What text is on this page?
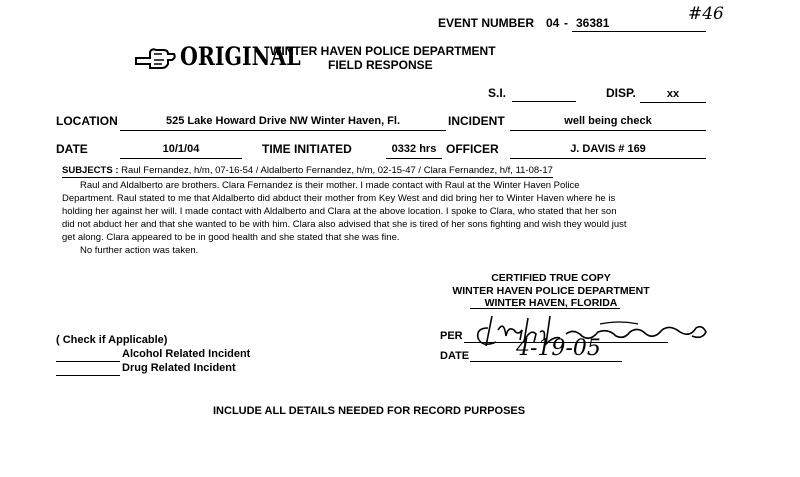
#46
EVENT NUMBER 04 - 36381
ORIGINAL
WINTER HAVEN POLICE DEPARTMENT
FIELD RESPONSE
S.I.	DISP.	xx
LOCATION	525 Lake Howard Drive NW Winter Haven, Fl.	INCIDENT	well being check
DATE	10/1/04	TIME INITIATED	0332 hrs OFFICER	J. DAVIS # 169
SUBJECTS : Raul Fernandez, h/m, 07-16-54 / Aldalberto Fernandez, h/m, 02-15-47 / Clara Fernandez, h/f, 11-08-17
Raul and Aldalberto are brothers. Clara Fernandez is their mother. I made contact with Raul at the Winter Haven Police
Department. Raul stated to me that Aldalberto did abduct their mother from Key West and did bring her to Winter Haven where he is
holding her against her will. I made contact with Aldalberto and Clara at the above location. I spoke to Clara, who stated that her son
did not abduct her and that she wanted to be with him. Clara also advised that she is tired of her sons fighting and wish they would just
get along. Clara appeared to be in good health and she stated that she was fine.
No further action was taken.
CERTIFIED TRUE COPY
WINTER HAVEN POLICE DEPARTMENT
WINTER HAVEN, FLORIDA
PER
DATE 4-19-05
( Check if Applicable)
Alcohol Related Incident
Drug Related Incident
INCLUDE ALL DETAILS NEEDED FOR RECORD PURPOSES
